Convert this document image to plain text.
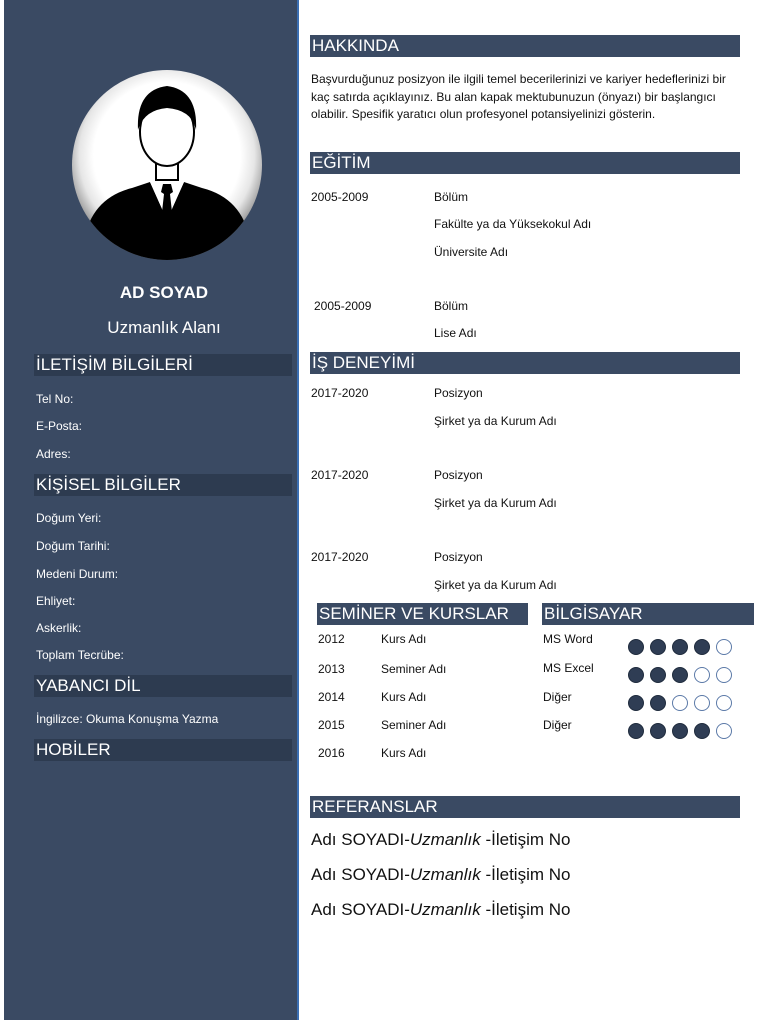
AD SOYAD
Uzmanlık Alanı
İLETİŞİM BİLGİLERİ
Tel No:
E-Posta:
Adres:
KİŞİSEL BİLGİLER
Doğum Yeri:
Doğum Tarihi:
Medeni Durum:
Ehliyet:
Askerlik:
Toplam Tecrübe:
YABANCI DİL
İngilizce: Okuma Konuşma Yazma
HOBİLER
HAKKINDA
Başvurduğunuz posizyon ile ilgili temel becerilerinizi ve kariyer hedeflerinizi bir kaç satırda açıklayınız. Bu alan kapak mektubunuzun (önyazı) bir başlangıcı olabilir. Spesifik yaratıcı olun profesyonel potansiyelinizi gösterin.
EĞİTİM
2005-2009	Bölüm
Fakülte ya da Yüksekokul Adı
Üniversite Adı
2005-2009	Bölüm
Lise Adı
İŞ DENEYİMİ
2017-2020	Posizyon
Şirket ya da Kurum Adı
2017-2020	Posizyon
Şirket ya da Kurum Adı
2017-2020	Posizyon
Şirket ya da Kurum Adı
SEMİNER VE KURSLAR
2012	Kurs Adı
2013	Seminer Adı
2014	Kurs Adı
2015	Seminer Adı
2016	Kurs Adı
BİLGİSAYAR
MS Word
MS Excel
Diğer
Diğer
REFERANSLAR
Adı SOYADI-Uzmanlık -İletişim No
Adı SOYADI-Uzmanlık -İletişim No
Adı SOYADI-Uzmanlık -İletişim No
